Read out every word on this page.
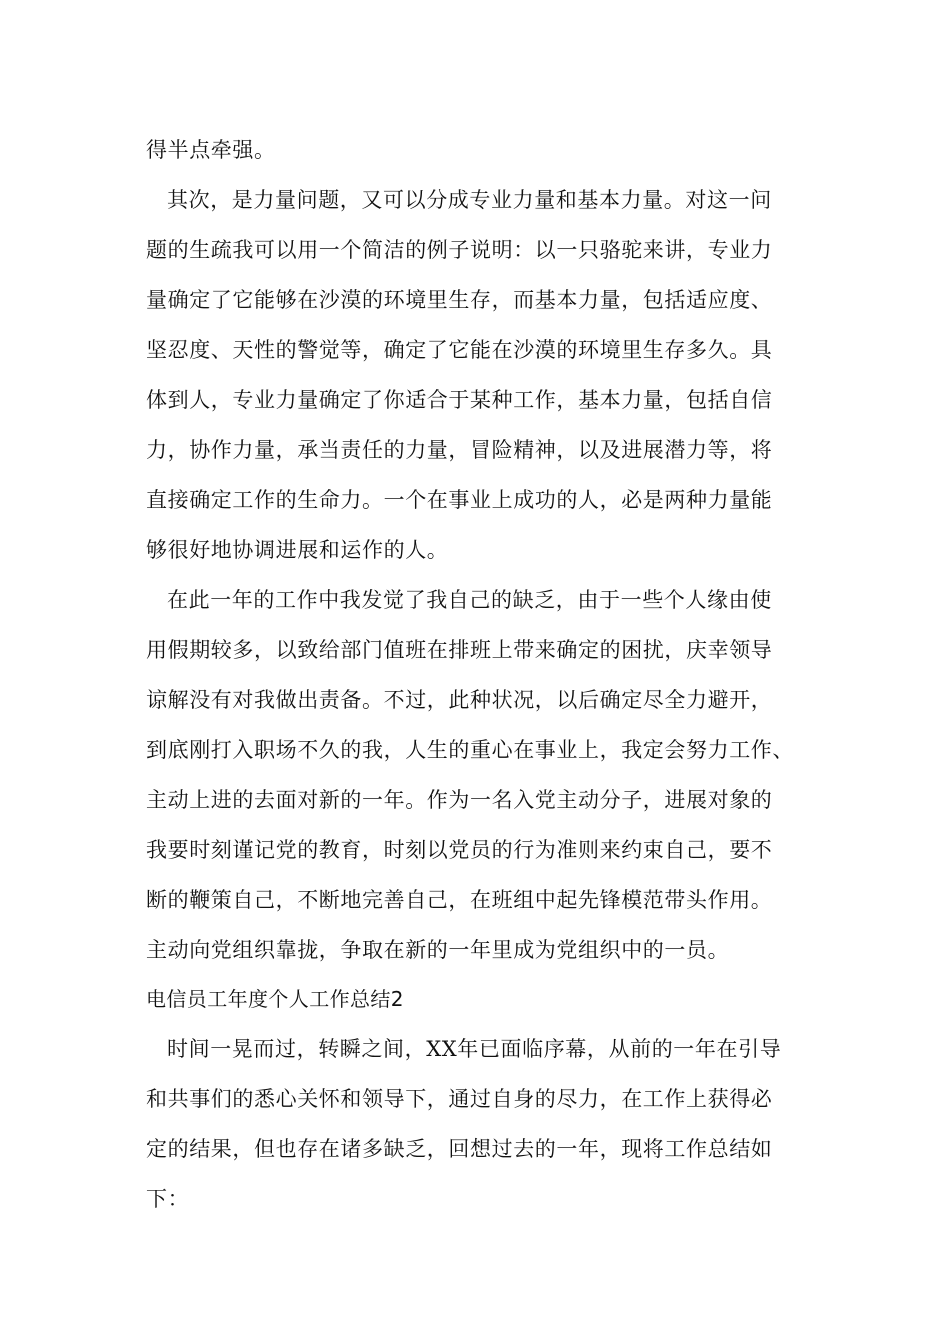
得半点牵强。
其次，是力量问题，又可以分成专业力量和基本力量。对这一问
题的生疏我可以用一个简洁的例子说明：以一只骆驼来讲，专业力
量确定了它能够在沙漠的环境里生存，而基本力量，包括适应度、
坚忍度、天性的警觉等，确定了它能在沙漠的环境里生存多久。具
体到人，专业力量确定了你适合于某种工作，基本力量，包括自信
力，协作力量，承当责任的力量，冒险精神，以及进展潜力等，将
直接确定工作的生命力。一个在事业上成功的人，必是两种力量能
够很好地协调进展和运作的人。
在此一年的工作中我发觉了我自己的缺乏，由于一些个人缘由使
用假期较多，以致给部门值班在排班上带来确定的困扰，庆幸领导
谅解没有对我做出责备。不过，此种状况，以后确定尽全力避开，
到底刚打入职场不久的我，人生的重心在事业上，我定会努力工作、
主动上进的去面对新的一年。作为一名入党主动分子，进展对象的
我要时刻谨记党的教育，时刻以党员的行为准则来约束自己，要不
断的鞭策自己，不断地完善自己，在班组中起先锋模范带头作用。
主动向党组织靠拢，争取在新的一年里成为党组织中的一员。
电信员工年度个人工作总结2
时间一晃而过，转瞬之间，XX年已面临序幕，从前的一年在引导
和共事们的悉心关怀和领导下，通过自身的尽力，在工作上获得必
定的结果，但也存在诸多缺乏，回想过去的一年，现将工作总结如
下：
